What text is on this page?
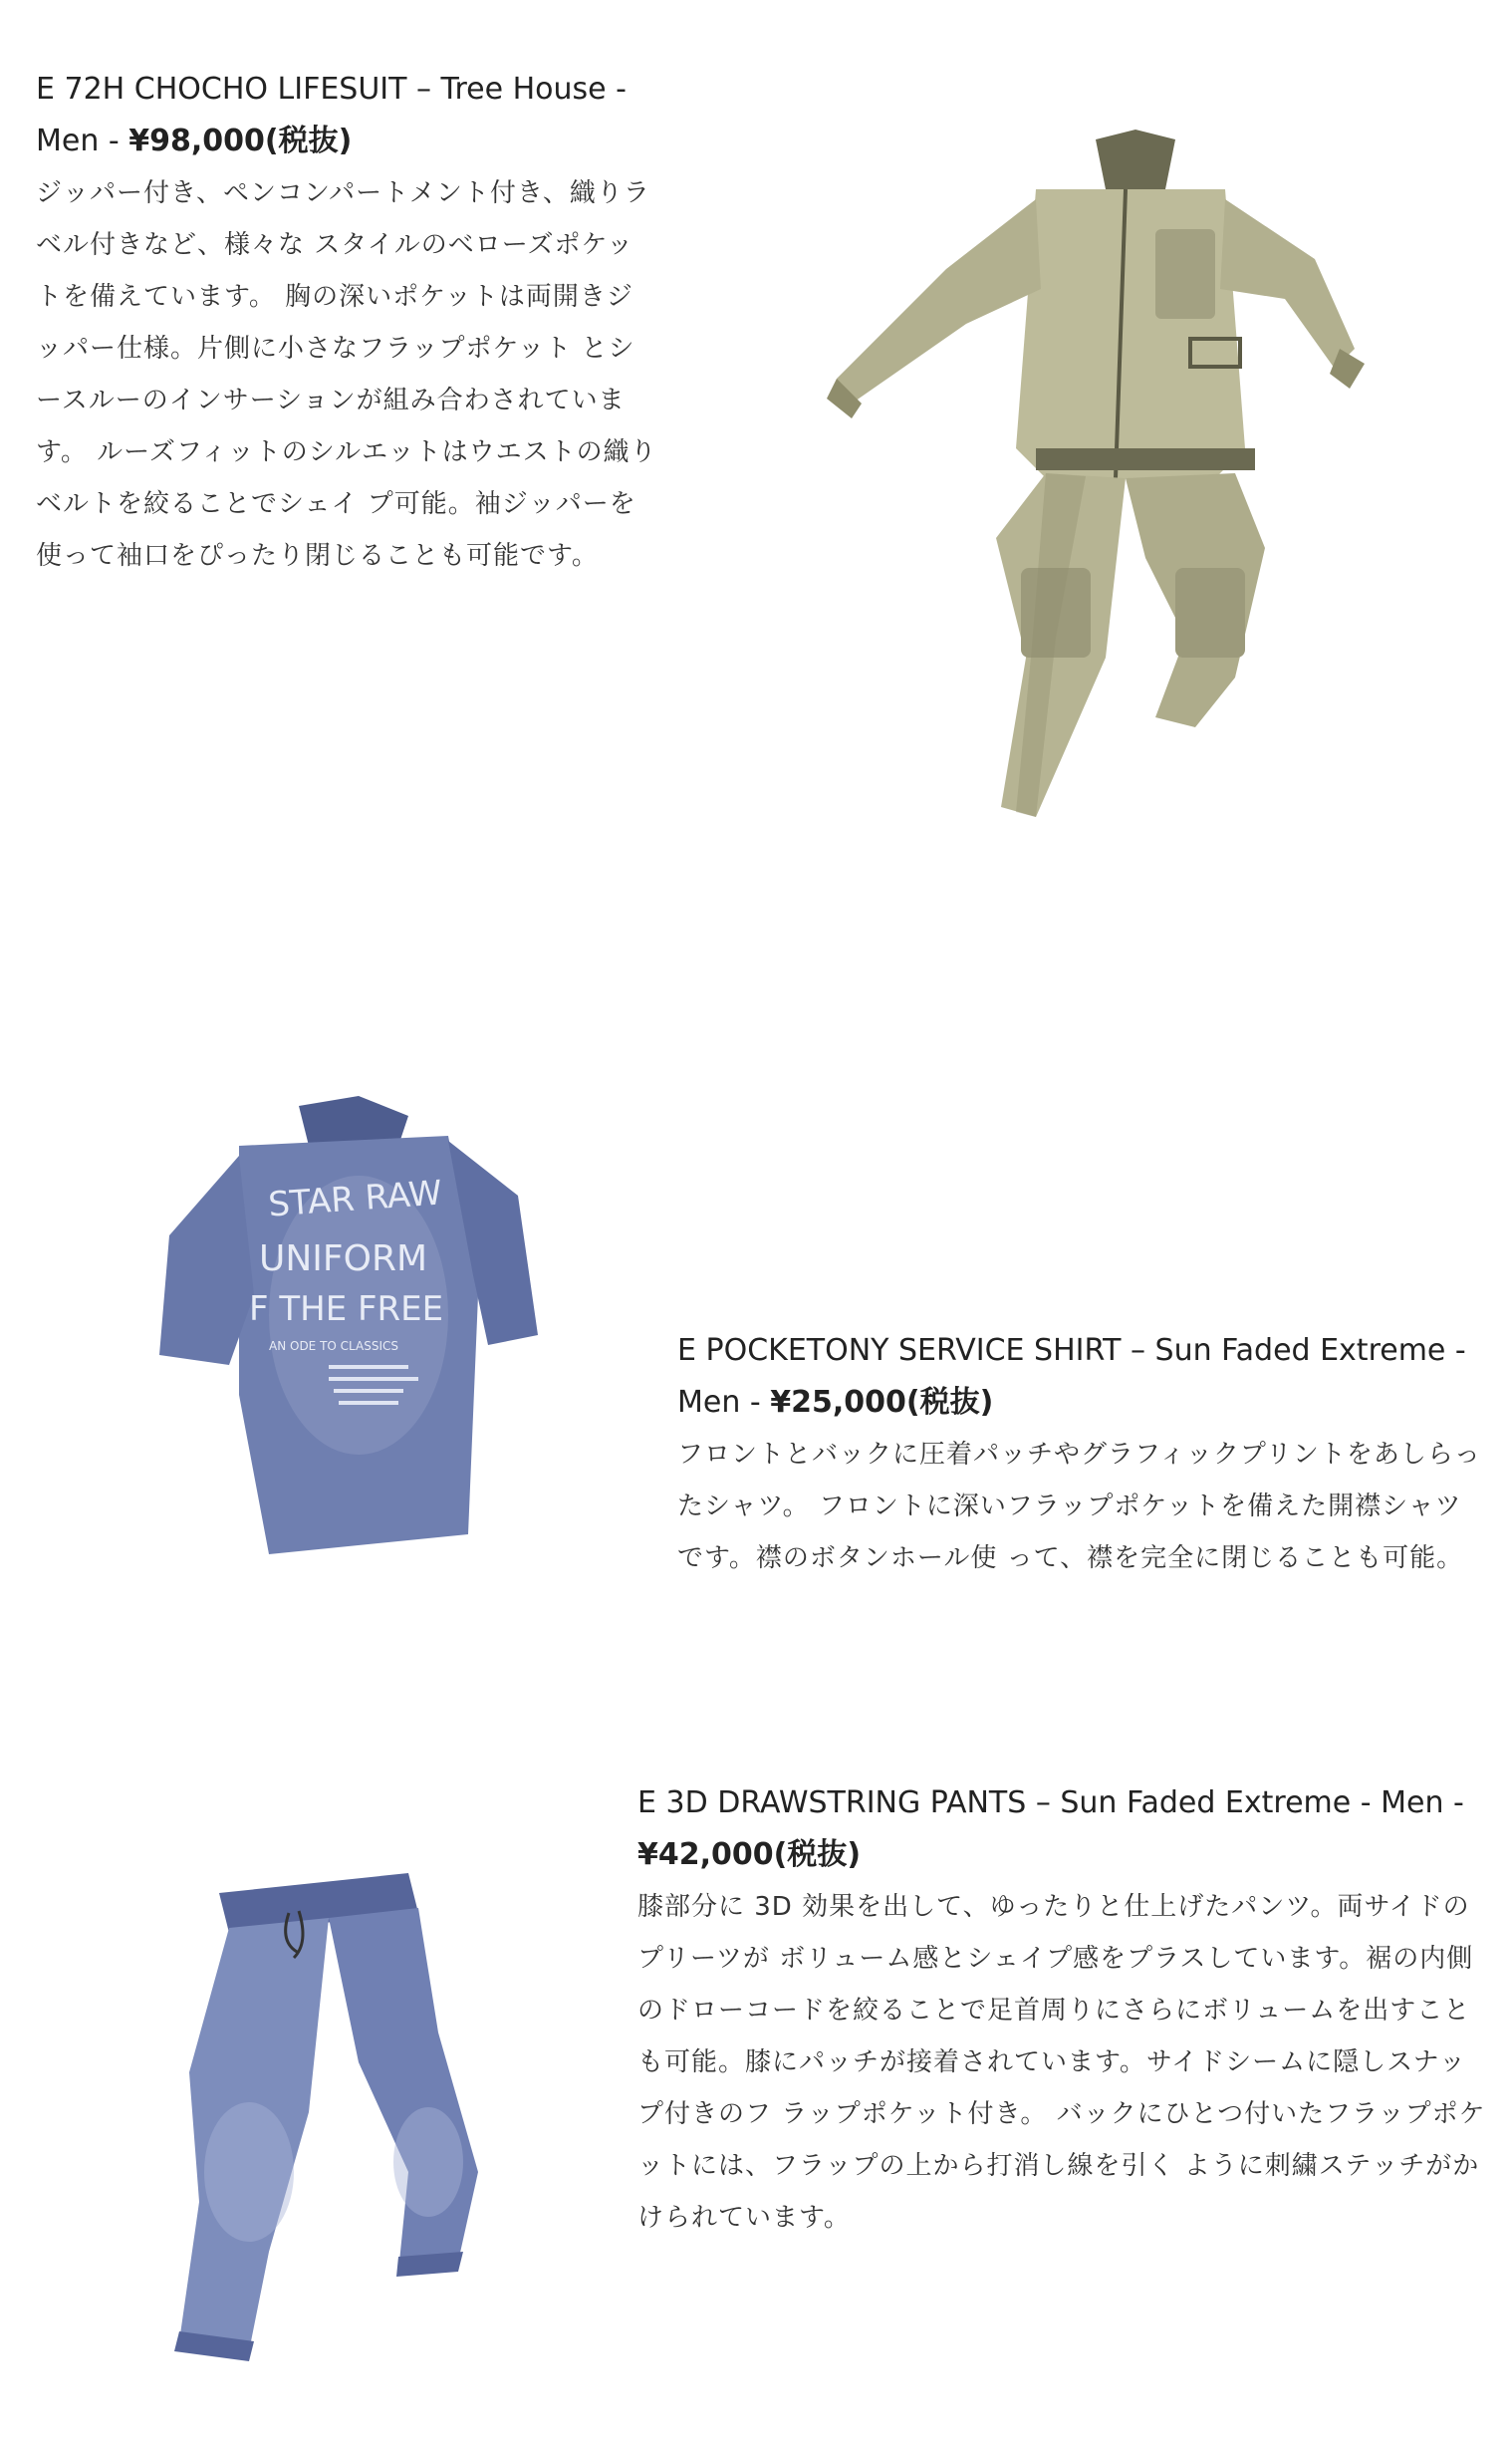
E 72H CHOCHO LIFESUIT – Tree House - Men - ¥98,000(税抜)

ジッパー付き、ペンコンパートメント付き、織りラベル付きなど、様々な スタイルのベローズポケットを備えています。 胸の深いポケットは両開きジッパー仕様。片側に小さなフラップポケット とシースルーのインサーションが組み合わされています。 ルーズフィットのシルエットはウエストの織りベルトを絞ることでシェイ プ可能。袖ジッパーを使って袖口をぴったり閉じることも可能です。

STAR RAW
UNIFORM
F THE FREE
AN ODE TO CLASSICS	E POCKETONY SERVICE SHIRT – Sun Faded Extreme - Men - ¥25,000(税抜)

フロントとバックに圧着パッチやグラフィックプリントをあしらったシャツ。 フロントに深いフラップポケットを備えた開襟シャツです。襟のボタンホール使 って、襟を完全に閉じることも可能。

E 3D DRAWSTRING PANTS – Sun Faded Extreme - Men - ¥42,000(税抜)

膝部分に 3D 効果を出して、ゆったりと仕上げたパンツ。両サイドのプリーツが ボリューム感とシェイプ感をプラスしています。裾の内側のドローコードを絞ることで足首周りにさらにボリュームを出すこと も可能。膝にパッチが接着されています。サイドシームに隠しスナップ付きのフ ラップポケット付き。 バックにひとつ付いたフラップポケットには、フラップの上から打消し線を引く ように刺繍ステッチがかけられています。
